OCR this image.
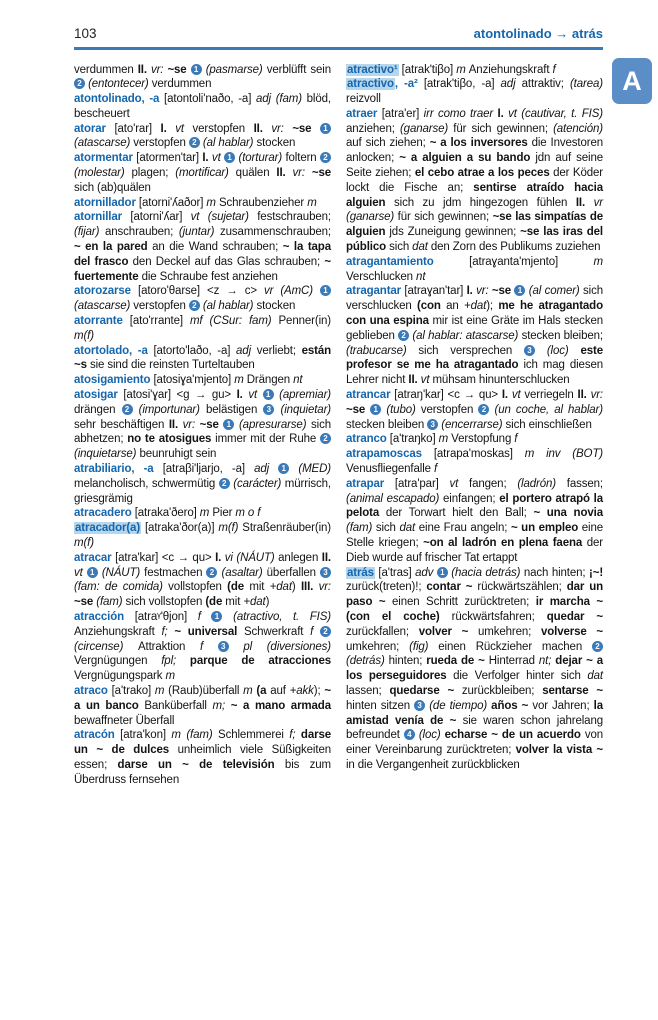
103	atontolinado → atrás

verdummen II. vr: ~se 1 (pasmarse) verblüfft sein 2 (entontecer) verdummen

atontolinado, -a [atontoli'naðo, -a] adj (fam) blöd, bescheuert

atorar [ato'rar] I. vt verstopfen II. vr: ~se 1 (atascarse) verstopfen 2 (al hablar) stocken

atormentar [atormen'tar] I. vt 1 (torturar) foltern 2 (molestar) plagen; (mortificar) quälen II. vr: ~se sich (ab)quälen

atornillador [atorni'ʎaðor] m Schraubenzieher m

atornillar [atorni'ʎar] vt (sujetar) festschrauben; (fijar) anschrauben; (juntar) zusammenschrauben; ~ en la pared an die Wand schrauben; ~ la tapa del frasco den Deckel auf das Glas schrauben; ~ fuertemente die Schraube fest anziehen

atorozarse [atoro'θarse] <z → c> vr (AmC) 1 (atascarse) verstopfen 2 (al hablar) stocken

atorrante [ato'rrante] mf (CSur: fam) Penner(in) m(f)

atortolado, -a [atorto'laðo, -a] adj verliebt; están ~s sie sind die reinsten Turteltauben

atosigamiento [atosiɣa'mjento] m Drängen nt

atosigar [atosi'ɣar] <g → gu> I. vt 1 (apremiar) drängen 2 (importunar) belästigen 3 (inquietar) sehr beschäftigen II. vr: ~se 1 (apresurarse) sich abhetzen; no te atosigues immer mit der Ruhe 2 (inquietarse) beunruhigt sein

atrabiliario, -a [atraβi'ljarjo, -a] adj 1 (MED) melancholisch, schwermütig 2 (carácter) mürrisch, griesgrämig

atracadero [atraka'ðero] m Pier m o f

atracador(a) [atraka'ðor(a)] m(f) Straßenräuber(in) m(f)

atracar [atra'kar] <c → qu> I. vi (NÁUT) anlegen II. vt 1 (NÁUT) festmachen 2 (asaltar) überfallen 3 (fam: de comida) vollstopfen (de mit +dat) III. vr: ~se (fam) sich vollstopfen (de mit +dat)

atracción [atraᵞ'θjon] f 1 (atractivo, t. FIS) Anziehungskraft f; ~ universal Schwerkraft f 2 (circense) Attraktion f 3 pl (diversiones) Vergnügungen fpl; parque de atracciones Vergnügungspark m

atraco [a'trako] m (Raub)überfall m (a auf +akk); ~ a un banco Banküberfall m; ~ a mano armada bewaffneter Überfall

atracón [atra'kon] m (fam) Schlemmerei f; darse un ~ de dulces unheimlich viele Süßigkeiten essen; darse un ~ de televisión bis zum Überdruss fernsehen

atractivo¹ [atrak'tiβo] m Anziehungskraft f

atractivo, -a² [atrak'tiβo, -a] adj attraktiv; (tarea) reizvoll

atraer [atra'er] irr como traer I. vt (cautivar, t. FIS) anziehen; (ganarse) für sich gewinnen; (atención) auf sich ziehen; ~ a los inversores die Investoren anlocken; ~ a alguien a su bando jdn auf seine Seite ziehen; el cebo atrae a los peces der Köder lockt die Fische an; sentirse atraído hacia alguien sich zu jdm hingezogen fühlen II. vr (ganarse) für sich gewinnen; ~se las simpatías de alguien jds Zuneigung gewinnen; ~se las iras del público sich dat den Zorn des Publikums zuziehen

atragantamiento [atraɣanta'mjento] m Verschlucken nt

atragantar [atraɣan'tar] I. vr: ~se 1 (al comer) sich verschlucken (con an +dat); me he atragantado con una espina mir ist eine Gräte im Hals stecken geblieben 2 (al hablar: atascarse) stecken bleiben; (trabucarse) sich versprechen 3 (loc) este profesor se me ha atragantado ich mag diesen Lehrer nicht II. vt mühsam hinunterschlucken

atrancar [atraŋ'kar] <c → qu> I. vt verriegeln II. vr: ~se 1 (tubo) verstopfen 2 (un coche, al hablar) stecken bleiben 3 (encerrarse) sich einschließen

atranco [a'traŋko] m Verstopfung f

atrapamoscas [atrapa'moskas] m inv (BOT) Venusfliegenfalle f

atrapar [atra'par] vt fangen; (ladrón) fassen; (animal escapado) einfangen; el portero atrapó la pelota der Torwart hielt den Ball; ~ una novia (fam) sich dat eine Frau angeln; ~ un empleo eine Stelle kriegen; ~on al ladrón en plena faena der Dieb wurde auf frischer Tat ertappt

atrás [a'tras] adv 1 (hacia detrás) nach hinten; ¡~! zurück(treten)!; contar ~ rückwärtszählen; dar un paso ~ einen Schritt zurücktreten; ir marcha ~ (con el coche) rückwärtsfahren; quedar ~ zurückfallen; volver ~ umkehren; volverse ~ umkehren; (fig) einen Rückzieher machen 2 (detrás) hinten; rueda de ~ Hinterrad nt; dejar ~ a los perseguidores die Verfolger hinter sich dat lassen; quedarse ~ zurückbleiben; sentarse ~ hinten sitzen 3 (de tiempo) años ~ vor Jahren; la amistad venía de ~ sie waren schon jahrelang befreundet 4 (loc) echarse ~ de un acuerdo von einer Vereinbarung zurücktreten; volver la vista ~ in die Vergangenheit zurückblicken

A
